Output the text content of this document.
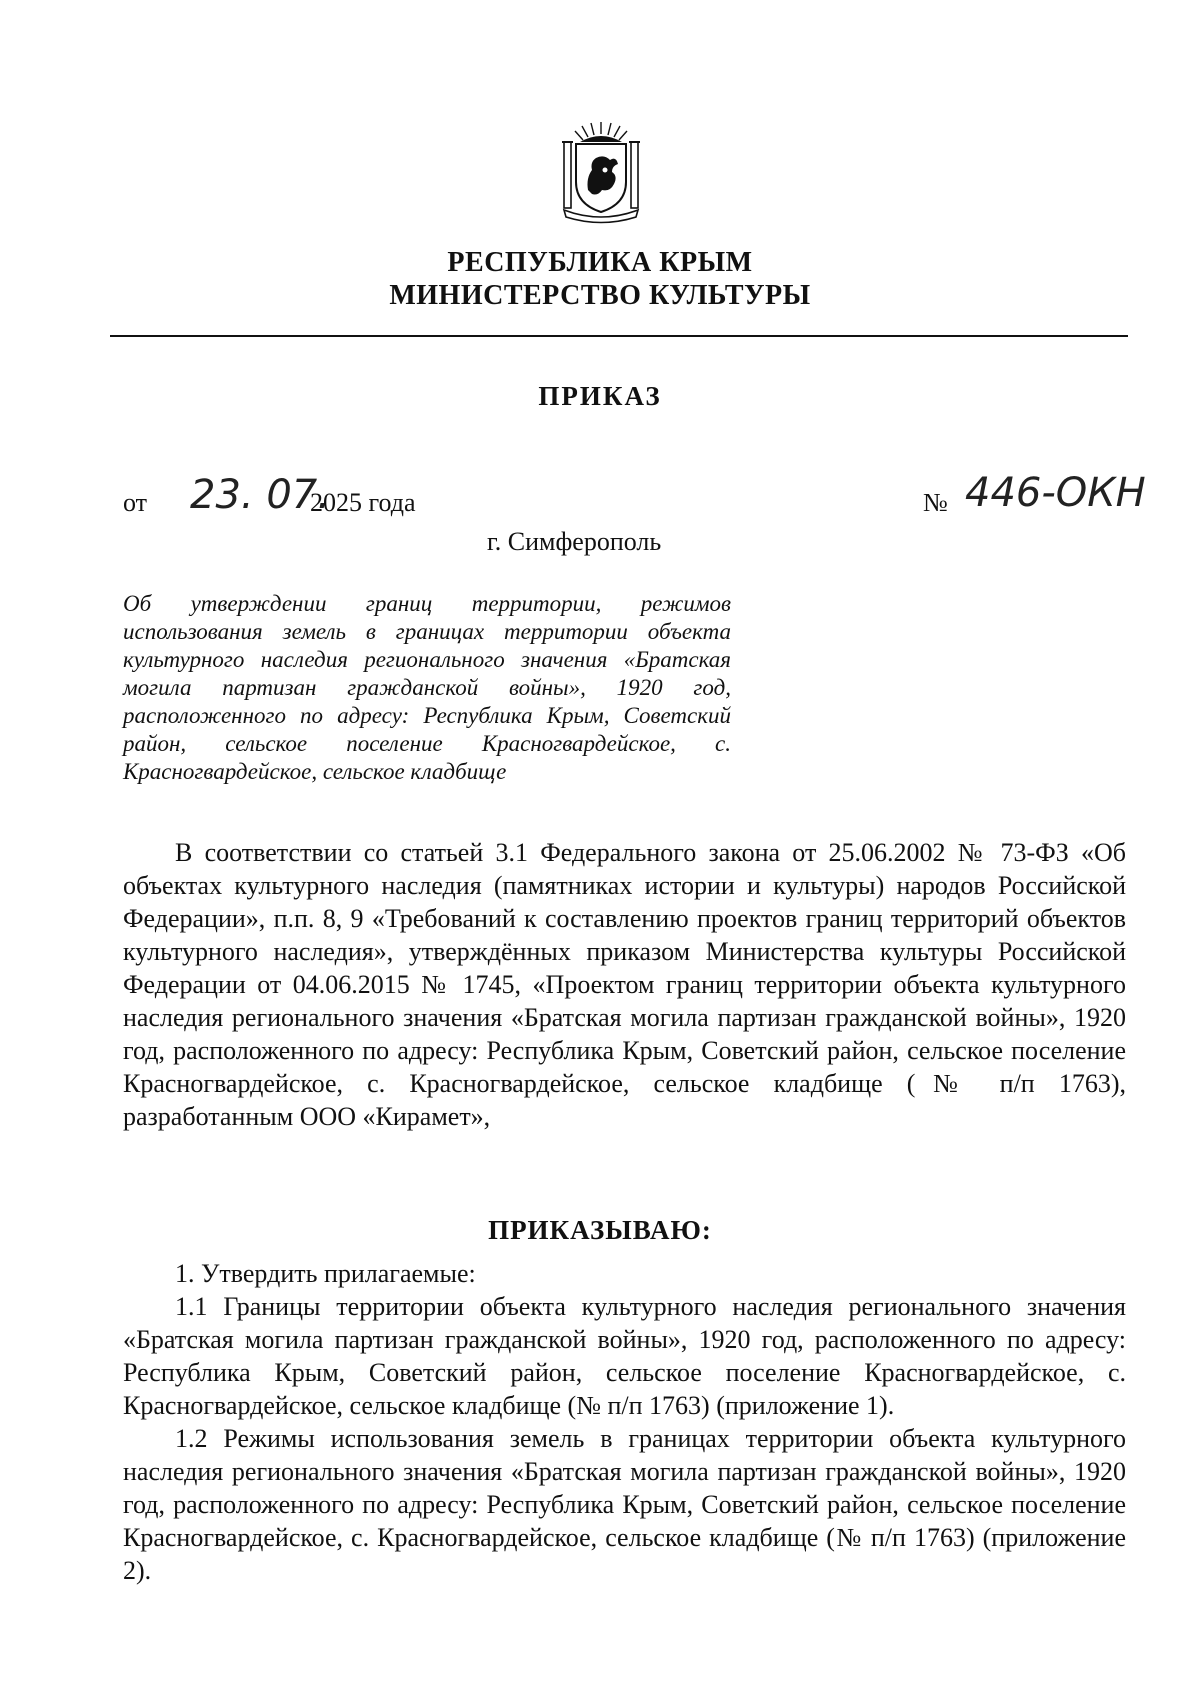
РЕСПУБЛИКА КРЫМ
МИНИСТЕРСТВО КУЛЬТУРЫ
ПРИКАЗ
от 23. 07.
2025 года	№ 446-ОКН
г. Симферополь
Об утверждении границ территории, режимов использования земель в границах территории объекта культурного наследия регионального значения «Братская могила партизан гражданской войны», 1920 год, расположенного по адресу: Республика Крым, Советский район, сельское поселение Красногвардейское, с. Красногвардейское, сельское кладбище

В соответствии со статьей 3.1 Федерального закона от 25.06.2002 № 73-ФЗ «Об объектах культурного наследия (памятниках истории и культуры) народов Российской Федерации», п.п. 8, 9 «Требований к составлению проектов границ территорий объектов культурного наследия», утверждённых приказом Министерства культуры Российской Федерации от 04.06.2015 № 1745, «Проектом границ территории объекта культурного наследия регионального значения «Братская могила партизан гражданской войны», 1920 год, расположенного по адресу: Республика Крым, Советский район, сельское поселение Красногвардейское, с. Красногвардейское, сельское кладбище (№ п/п 1763), разработанным ООО «Кирамет»,

ПРИКАЗЫВАЮ:

1. Утвердить прилагаемые:

1.1 Границы территории объекта культурного наследия регионального значения «Братская могила партизан гражданской войны», 1920 год, расположенного по адресу: Республика Крым, Советский район, сельское поселение Красногвардейское, с. Красногвардейское, сельское кладбище (№ п/п 1763) (приложение 1).

1.2 Режимы использования земель в границах территории объекта культурного наследия регионального значения «Братская могила партизан гражданской войны», 1920 год, расположенного по адресу: Республика Крым, Советский район, сельское поселение Красногвардейское, с. Красногвардейское, сельское кладбище (№ п/п 1763) (приложение 2).
